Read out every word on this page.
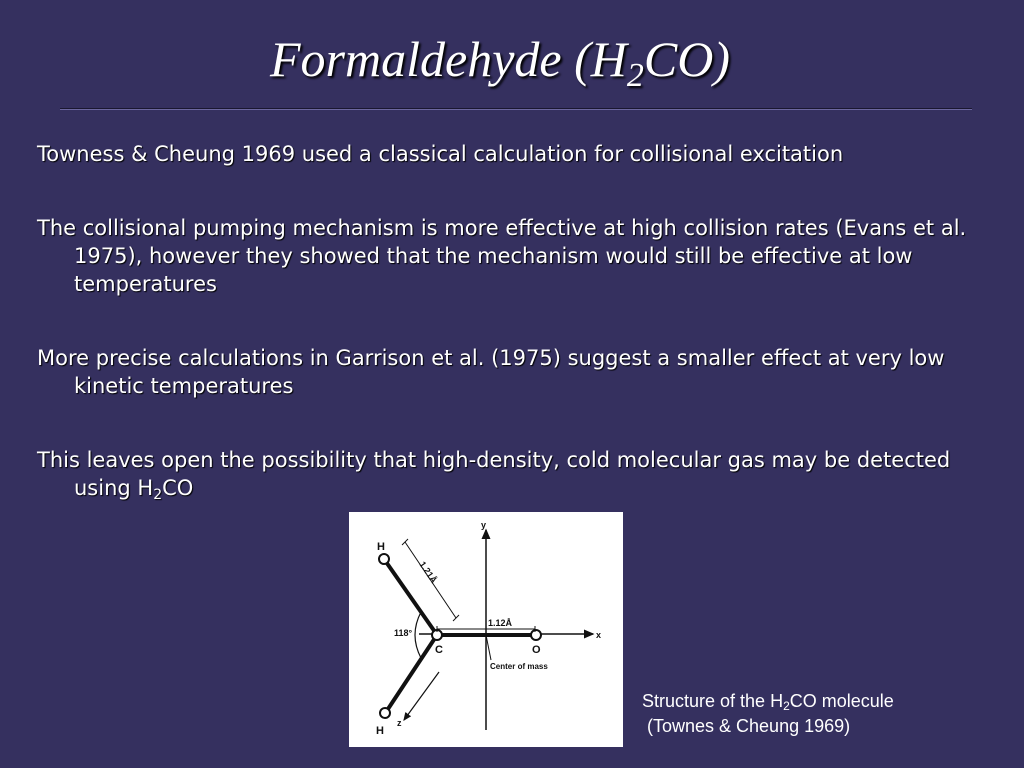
Formaldehyde $(H_2CO)$

Towness & Cheung 1969 used a classical calculation for collisional excitation

The collisional pumping mechanism is more effective at high collision rates (Evans et al. 1975), however they showed that the mechanism would still be effective at low temperatures

More precise calculations in Garrison et al. (1975) suggest a smaller effect at very low kinetic temperatures

This leaves open the possibility that high-density, cold molecular gas may be detected using $H_2CO$

H
H
C	O
x
y
z
1.21Å
1.12Å
118°
Center of mass
Structure of the $H_2CO$ molecule
(Townes & Cheung 1969)
